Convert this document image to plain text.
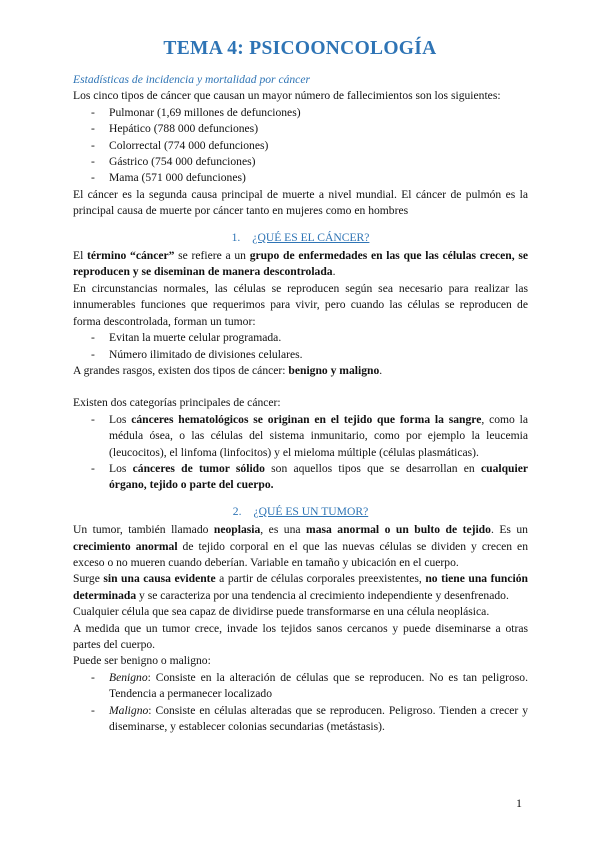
TEMA 4: PSICOONCOLOGÍA

Estadísticas de incidencia y mortalidad por cáncer

Los cinco tipos de cáncer que causan un mayor número de fallecimientos son los siguientes:

- Pulmonar (1,69 millones de defunciones)
- Hepático (788 000 defunciones)
- Colorrectal (774 000 defunciones)
- Gástrico (754 000 defunciones)
- Mama (571 000 defunciones)

El cáncer es la segunda causa principal de muerte a nivel mundial. El cáncer de pulmón es la principal causa de muerte por cáncer tanto en mujeres como en hombres

1. ¿QUÉ ES EL CÁNCER?

El término “cáncer” se refiere a un grupo de enfermedades en las que las células crecen, se reproducen y se diseminan de manera descontrolada.

En circunstancias normales, las células se reproducen según sea necesario para realizar las innumerables funciones que requerimos para vivir, pero cuando las células se reproducen de forma descontrolada, forman un tumor:

- Evitan la muerte celular programada.
- Número ilimitado de divisiones celulares.

A grandes rasgos, existen dos tipos de cáncer: benigno y maligno.

Existen dos categorías principales de cáncer:

- Los cánceres hematológicos se originan en el tejido que forma la sangre, como la médula ósea, o las células del sistema inmunitario, como por ejemplo la leucemia (leucocitos), el linfoma (linfocitos) y el mieloma múltiple (células plasmáticas).
- Los cánceres de tumor sólido son aquellos tipos que se desarrollan en cualquier órgano, tejido o parte del cuerpo.

2. ¿QUÉ ES UN TUMOR?

Un tumor, también llamado neoplasia, es una masa anormal o un bulto de tejido. Es un crecimiento anormal de tejido corporal en el que las nuevas células se dividen y crecen en exceso o no mueren cuando deberían. Variable en tamaño y ubicación en el cuerpo.

Surge sin una causa evidente a partir de células corporales preexistentes, no tiene una función determinada y se caracteriza por una tendencia al crecimiento independiente y desenfrenado.

Cualquier célula que sea capaz de dividirse puede transformarse en una célula neoplásica.

A medida que un tumor crece, invade los tejidos sanos cercanos y puede diseminarse a otras partes del cuerpo.

Puede ser benigno o maligno:

- Benigno: Consiste en la alteración de células que se reproducen. No es tan peligroso. Tendencia a permanecer localizado
- Maligno: Consiste en células alteradas que se reproducen. Peligroso. Tienden a crecer y diseminarse, y establecer colonias secundarias (metástasis).
1
